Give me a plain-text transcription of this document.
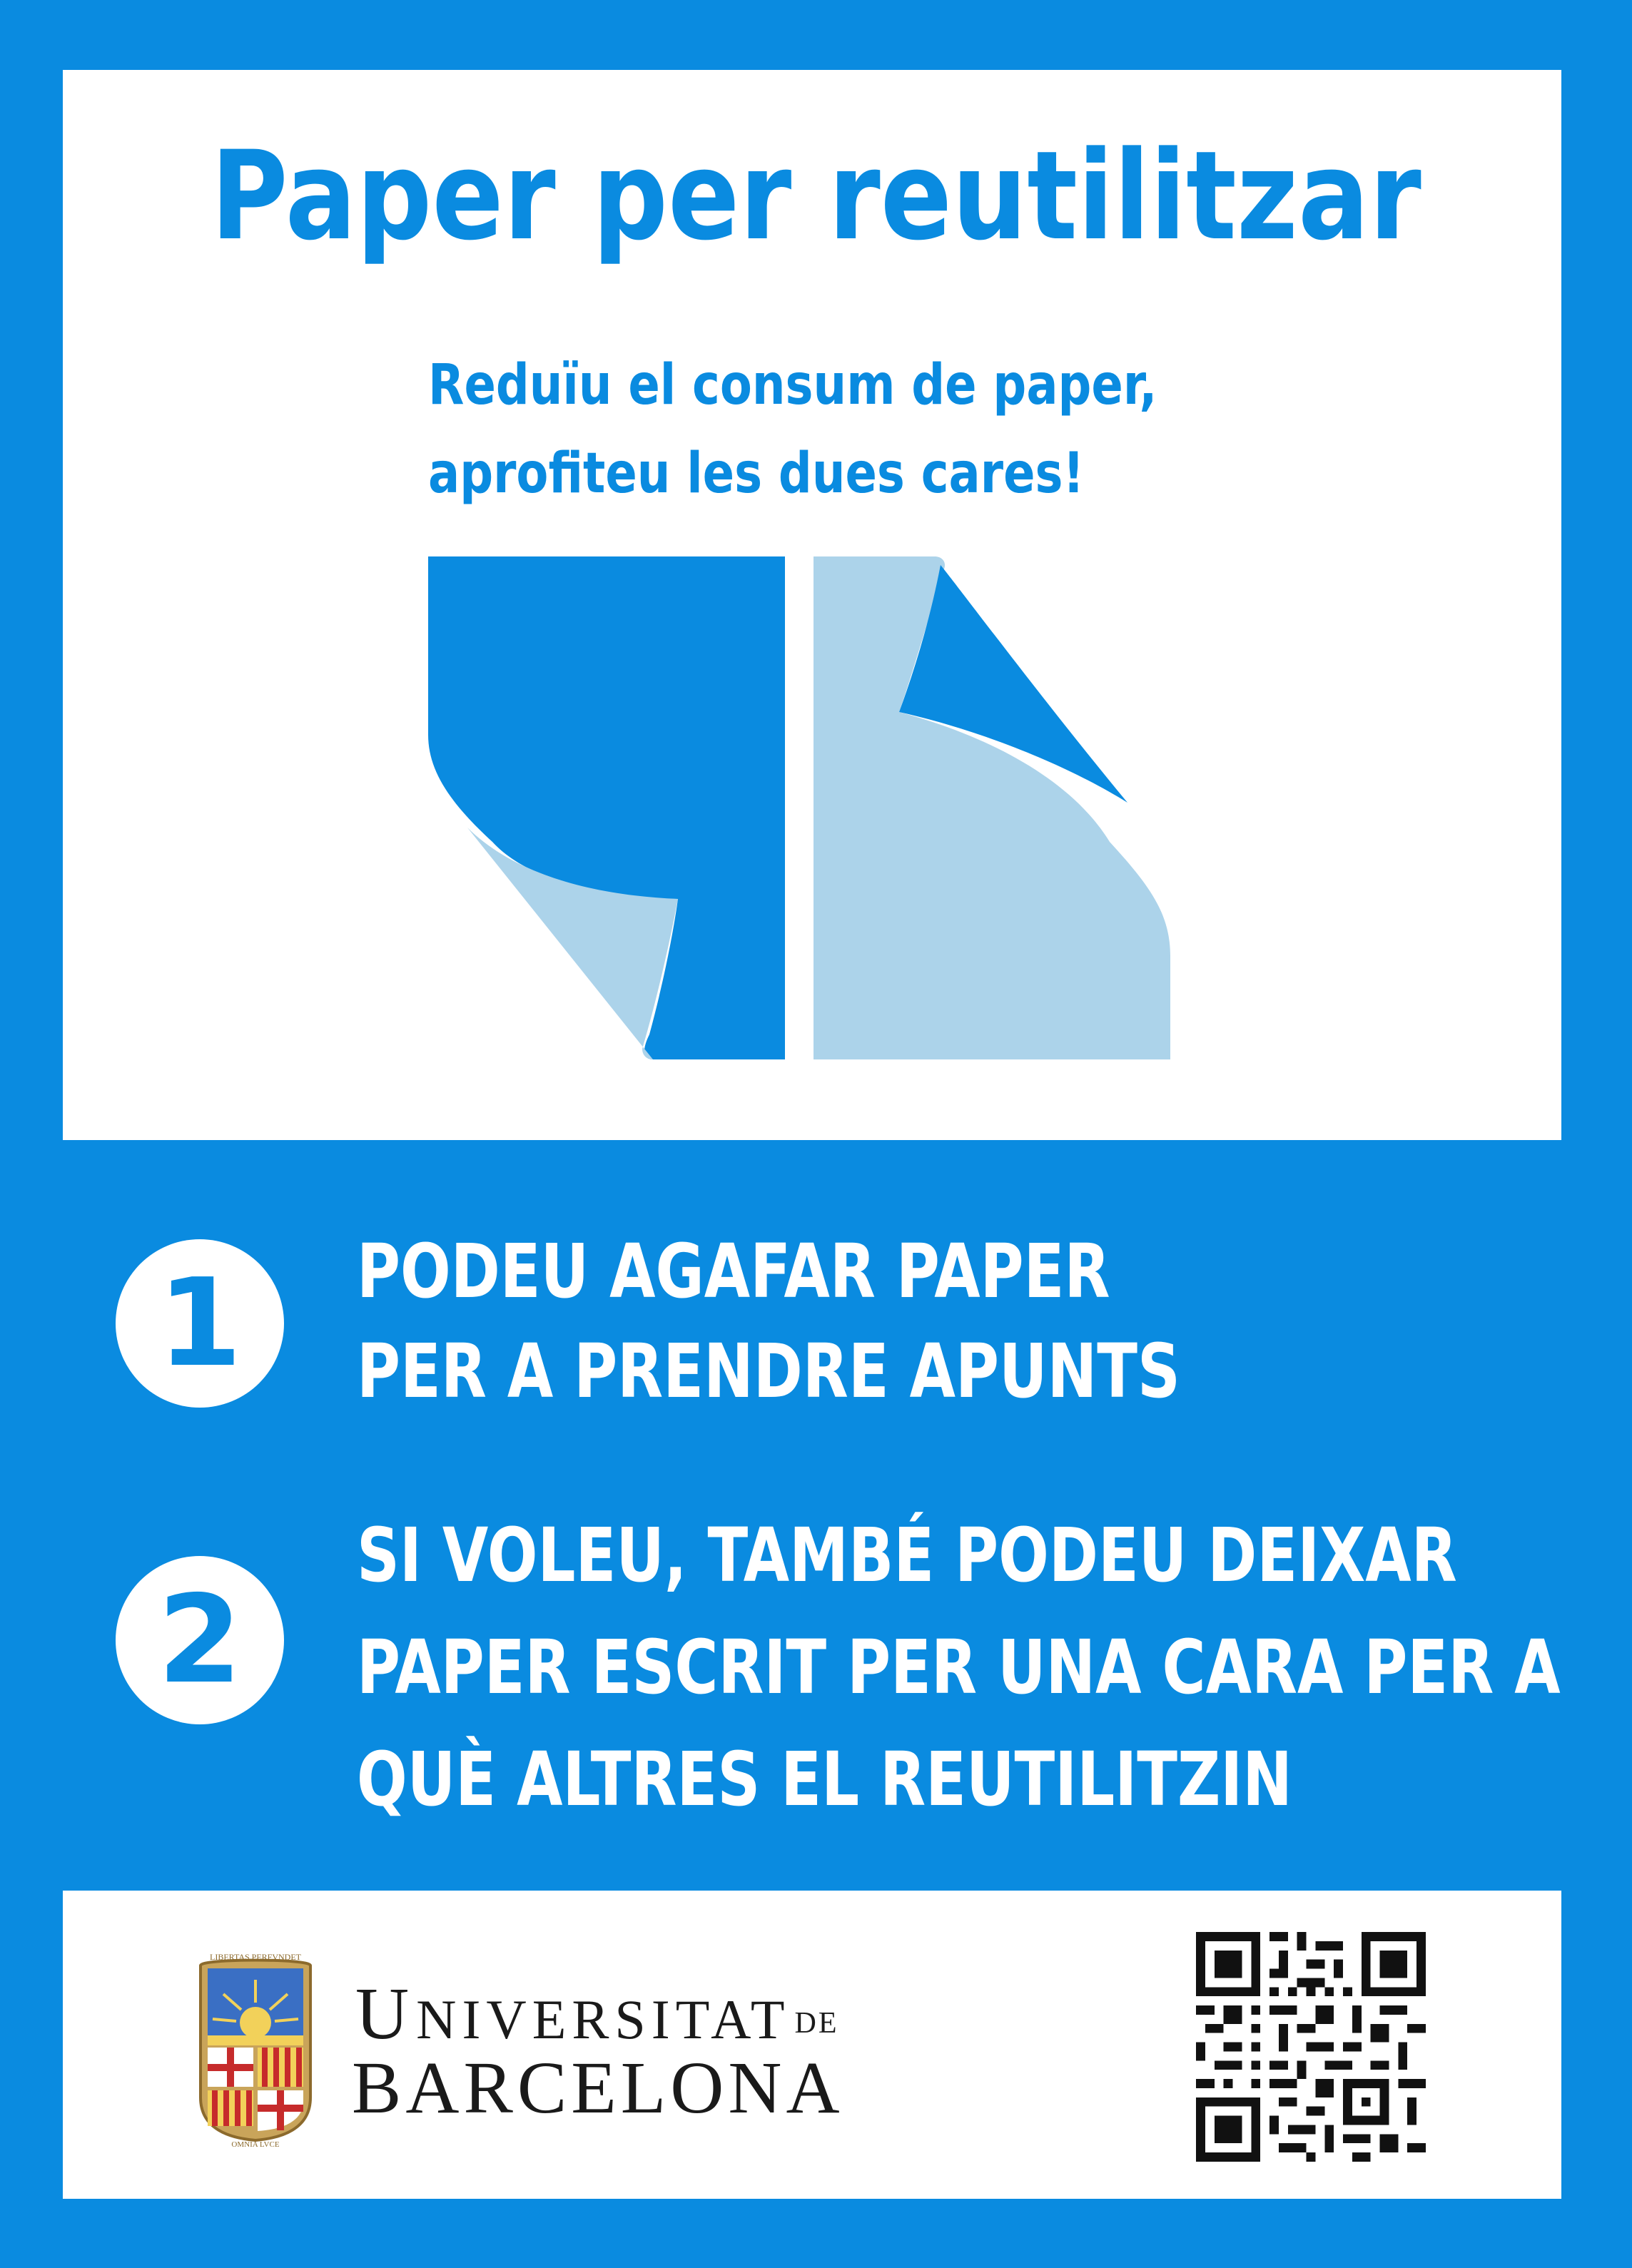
Paper per reutilitzar
Reduïu el consum de paper,
aprofiteu les dues cares!
1	PODEU AGAFAR PAPER
PER A PRENDRE APUNTS
2
SI VOLEU, TAMBÉ PODEU DEIXAR
PAPER ESCRIT PER UNA CARA PER A
QUÈ ALTRES EL REUTILITZIN
LIBERTAS PERFVNDET
OMNIA LVCE
UNIVERSITAT DE
BARCELONA
